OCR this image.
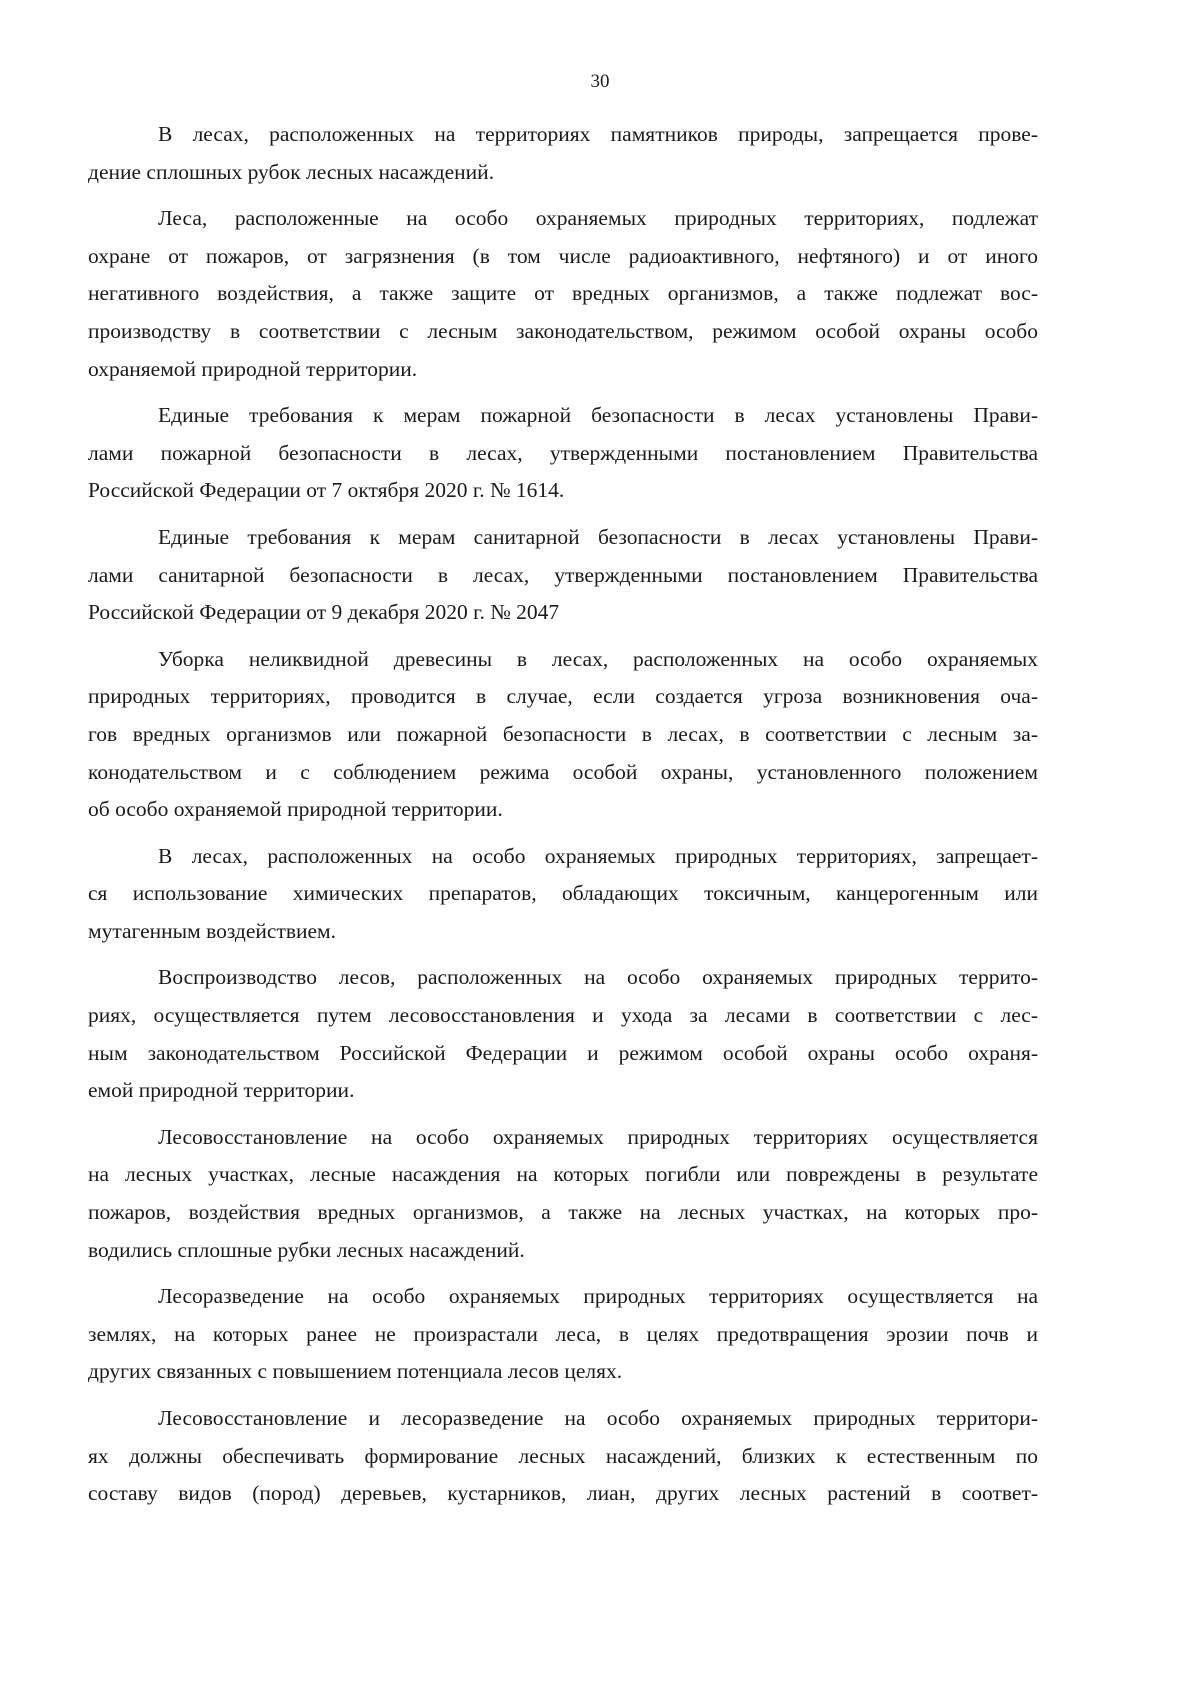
30
В лесах, расположенных на территориях памятников природы, запрещается прове-
дение сплошных рубок лесных насаждений.
Леса, расположенные на особо охраняемых природных территориях, подлежат
охране от пожаров, от загрязнения (в том числе радиоактивного, нефтяного) и от иного
негативного воздействия, а также защите от вредных организмов, а также подлежат вос-
производству в соответствии с лесным законодательством, режимом особой охраны особо
охраняемой природной территории.
Единые требования к мерам пожарной безопасности в лесах установлены Прави-
лами пожарной безопасности в лесах, утвержденными постановлением Правительства
Российской Федерации от 7 октября 2020 г. № 1614.
Единые требования к мерам санитарной безопасности в лесах установлены Прави-
лами санитарной безопасности в лесах, утвержденными постановлением Правительства
Российской Федерации от 9 декабря 2020 г. № 2047
Уборка неликвидной древесины в лесах, расположенных на особо охраняемых
природных территориях, проводится в случае, если создается угроза возникновения оча-
гов вредных организмов или пожарной безопасности в лесах, в соответствии с лесным за-
конодательством и с соблюдением режима особой охраны, установленного положением
об особо охраняемой природной территории.
В лесах, расположенных на особо охраняемых природных территориях, запрещает-
ся использование химических препаратов, обладающих токсичным, канцерогенным или
мутагенным воздействием.
Воспроизводство лесов, расположенных на особо охраняемых природных террито-
риях, осуществляется путем лесовосстановления и ухода за лесами в соответствии с лес-
ным законодательством Российской Федерации и режимом особой охраны особо охраня-
емой природной территории.
Лесовосстановление на особо охраняемых природных территориях осуществляется
на лесных участках, лесные насаждения на которых погибли или повреждены в результате
пожаров, воздействия вредных организмов, а также на лесных участках, на которых про-
водились сплошные рубки лесных насаждений.
Лесоразведение на особо охраняемых природных территориях осуществляется на
землях, на которых ранее не произрастали леса, в целях предотвращения эрозии почв и
других связанных с повышением потенциала лесов целях.
Лесовосстановление и лесоразведение на особо охраняемых природных территори-
ях должны обеспечивать формирование лесных насаждений, близких к естественным по
составу видов (пород) деревьев, кустарников, лиан, других лесных растений в соответ-
